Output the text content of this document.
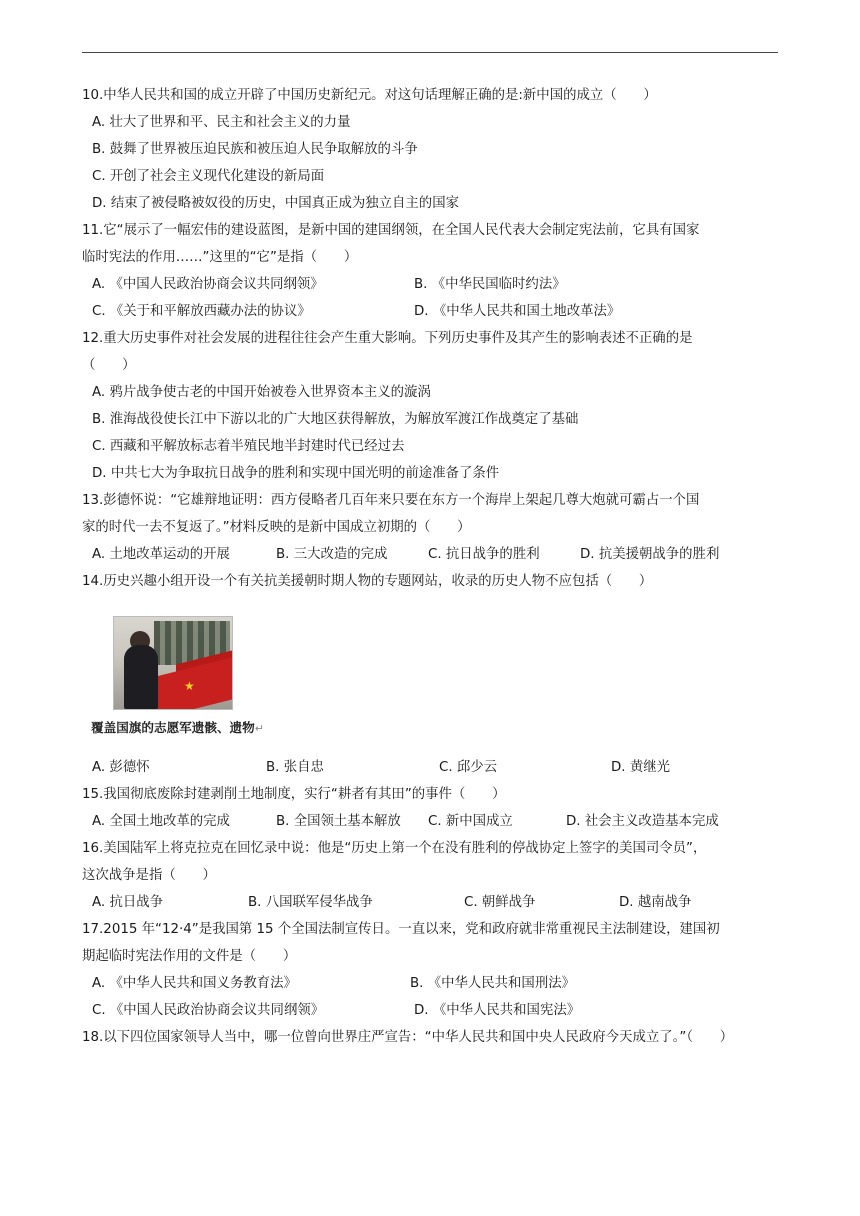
10.中华人民共和国的成立开辟了中国历史新纪元。对这句话理解正确的是:新中国的成立（　　）
A. 壮大了世界和平、民主和社会主义的力量
B. 鼓舞了世界被压迫民族和被压迫人民争取解放的斗争
C. 开创了社会主义现代化建设的新局面
D. 结束了被侵略被奴役的历史，中国真正成为独立自主的国家
11.它“展示了一幅宏伟的建设蓝图，是新中国的建国纲领，在全国人民代表大会制定宪法前，它具有国家
临时宪法的作用……”这里的“它”是指（　　）
A. 《中国人民政治协商会议共同纲领》	B. 《中华民国临时约法》
C. 《关于和平解放西藏办法的协议》	D. 《中华人民共和国土地改革法》
12.重大历史事件对社会发展的进程往往会产生重大影响。下列历史事件及其产生的影响表述不正确的是
（　　）
A. 鸦片战争使古老的中国开始被卷入世界资本主义的漩涡
B. 淮海战役使长江中下游以北的广大地区获得解放，为解放军渡江作战奠定了基础
C. 西藏和平解放标志着半殖民地半封建时代已经过去
D. 中共七大为争取抗日战争的胜利和实现中国光明的前途准备了条件
13.彭德怀说：“它雄辩地证明：西方侵略者几百年来只要在东方一个海岸上架起几尊大炮就可霸占一个国
家的时代一去不复返了。”材料反映的是新中国成立初期的（　　）
A. 土地改革运动的开展	B. 三大改造的完成	C. 抗日战争的胜利	D. 抗美援朝战争的胜利
14.历史兴趣小组开设一个有关抗美援朝时期人物的专题网站，收录的历史人物不应包括（　　）
★
覆盖国旗的志愿军遗骸、遗物↵
A. 彭德怀	B. 张自忠	C. 邱少云	D. 黄继光
15.我国彻底废除封建剥削土地制度，实行“耕者有其田”的事件（　　）
A. 全国土地改革的完成	B. 全国领土基本解放 C. 新中国成立	D. 社会主义改造基本完成
16.美国陆军上将克拉克在回忆录中说：他是“历史上第一个在没有胜利的停战协定上签字的美国司令员”，
这次战争是指（　　）
A. 抗日战争	B. 八国联军侵华战争	C. 朝鲜战争	D. 越南战争
17.2015 年“12·4”是我国第 15 个全国法制宣传日。一直以来，党和政府就非常重视民主法制建设，建国初
期起临时宪法作用的文件是（　　）
A. 《中华人民共和国义务教育法》	B. 《中华人民共和国刑法》
C. 《中国人民政治协商会议共同纲领》	D. 《中华人民共和国宪法》
18.以下四位国家领导人当中，哪一位曾向世界庄严宣告：“中华人民共和国中央人民政府今天成立了。”（　　）
